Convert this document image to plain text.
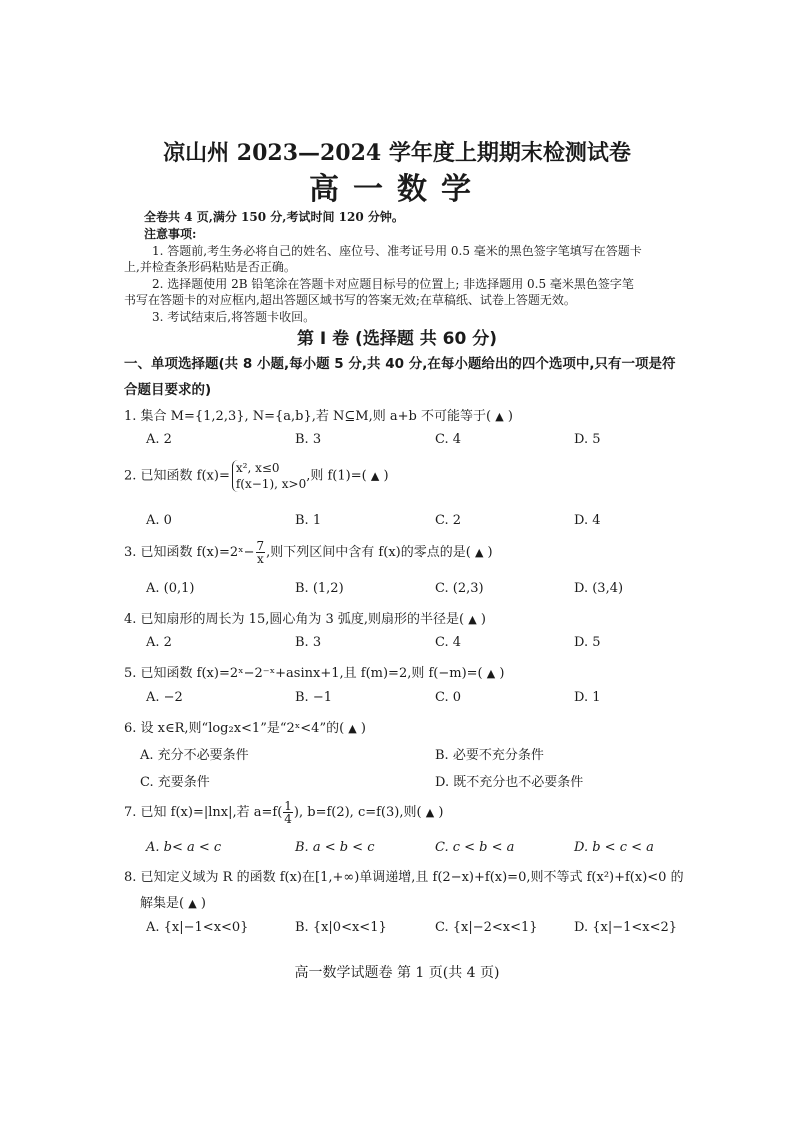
凉山州 2023—2024 学年度上期期末检测试卷
高一数学
全卷共 4 页,满分 150 分,考试时间 120 分钟。
注意事项:
1. 答题前,考生务必将自己的姓名、座位号、准考证号用 0.5 毫米的黑色签字笔填写在答题卡
上,并检查条形码粘贴是否正确。
2. 选择题使用 2B 铅笔涂在答题卡对应题目标号的位置上; 非选择题用 0.5 毫米黑色签字笔
书写在答题卡的对应框内,超出答题区域书写的答案无效;在草稿纸、试卷上答题无效。
3. 考试结束后,将答题卡收回。
第 Ⅰ 卷 (选择题 共 60 分)
一、单项选择题(共 8 小题,每小题 5 分,共 40 分,在每小题给出的四个选项中,只有一项是符
合题目要求的)
1. 集合 M={1,2,3}, N={a,b},若 N⊆M,则 a+b 不可能等于( ▲ )
A. 2	B. 3	C. 4	D. 5
2. 已知函数 f(x)=
x², x≤0
f(x−1), x>0
,则 f(1)=( ▲ )
A. 0	B. 1	C. 2	D. 4
3. 已知函数 f(x)=2ˣ− $\frac{7}{x}$ ,则下列区间中含有 f(x)的零点的是( ▲ )
A. (0,1)	B. (1,2)	C. (2,3)	D. (3,4)
4. 已知扇形的周长为 15,圆心角为 3 弧度,则扇形的半径是( ▲ )
A. 2	B. 3	C. 4	D. 5
5. 已知函数 f(x)=2ˣ−2⁻ˣ+asinx+1,且 f(m)=2,则 f(−m)=( ▲ )
A. −2	B. −1	C. 0	D. 1
6. 设 x∈R,则“log₂x<1”是“2ˣ<4”的( ▲ )
A. 充分不必要条件	B. 必要不充分条件
C. 充要条件	D. 既不充分也不必要条件
7. 已知 f(x)=|lnx|,若 $a=f( \frac{1}{4}$ ), b=f(2), c=f(3),则( ▲ )
A. b< a < c	B. a < b < c	C. c < b < a	D. b < c < a
8. 已知定义域为 R 的函数 f(x)在[1,+∞)单调递增,且 f(2−x)+f(x)=0,则不等式 f(x²)+f(x)<0 的
解集是( ▲ )
A. {x|−1<x<0}	B. {x|0<x<1}	C. {x|−2<x<1}	D. {x|−1<x<2}
高一数学试题卷 第 1 页(共 4 页)
